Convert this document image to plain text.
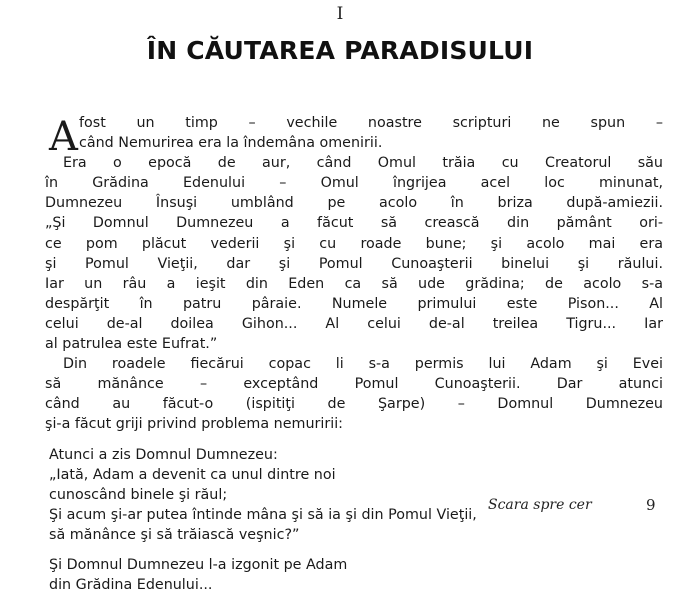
I
ÎN CĂUTAREA PARADISULUI
A fost un timp – vechile noastre scripturi ne spun –
când Nemurirea era la îndemâna omenirii.
Era o epocă de aur, când Omul trăia cu Creatorul său
în Grădina Edenului – Omul îngrijea acel loc minunat,
Dumnezeu Însuşi umblând pe acolo în briza după-amiezii.
„Şi Domnul Dumnezeu a făcut să crească din pământ ori-
ce pom plăcut vederii şi cu roade bune; şi acolo mai era
şi Pomul Vieţii, dar şi Pomul Cunoaşterii binelui şi răului.
Iar un râu a ieşit din Eden ca să ude grădina; de acolo s-a
despărţit în patru pâraie. Numele primului este Pison... Al
celui de-al doilea Gihon... Al celui de-al treilea Tigru... Iar
al patrulea este Eufrat.”
Din roadele fiecărui copac li s-a permis lui Adam şi Evei
să mănânce – exceptând Pomul Cunoaşterii. Dar atunci
când au făcut-o (ispitiţi de Şarpe) – Domnul Dumnezeu
şi-a făcut griji privind problema nemuririi:
Atunci a zis Domnul Dumnezeu:
„Iată, Adam a devenit ca unul dintre noi
cunoscând binele şi răul;
Şi acum şi-ar putea întinde mâna şi să ia şi din Pomul Vieţii,
să mănânce şi să trăiască veşnic?”
Şi Domnul Dumnezeu l-a izgonit pe Adam
din Grădina Edenului...
Scara spre cer	9
